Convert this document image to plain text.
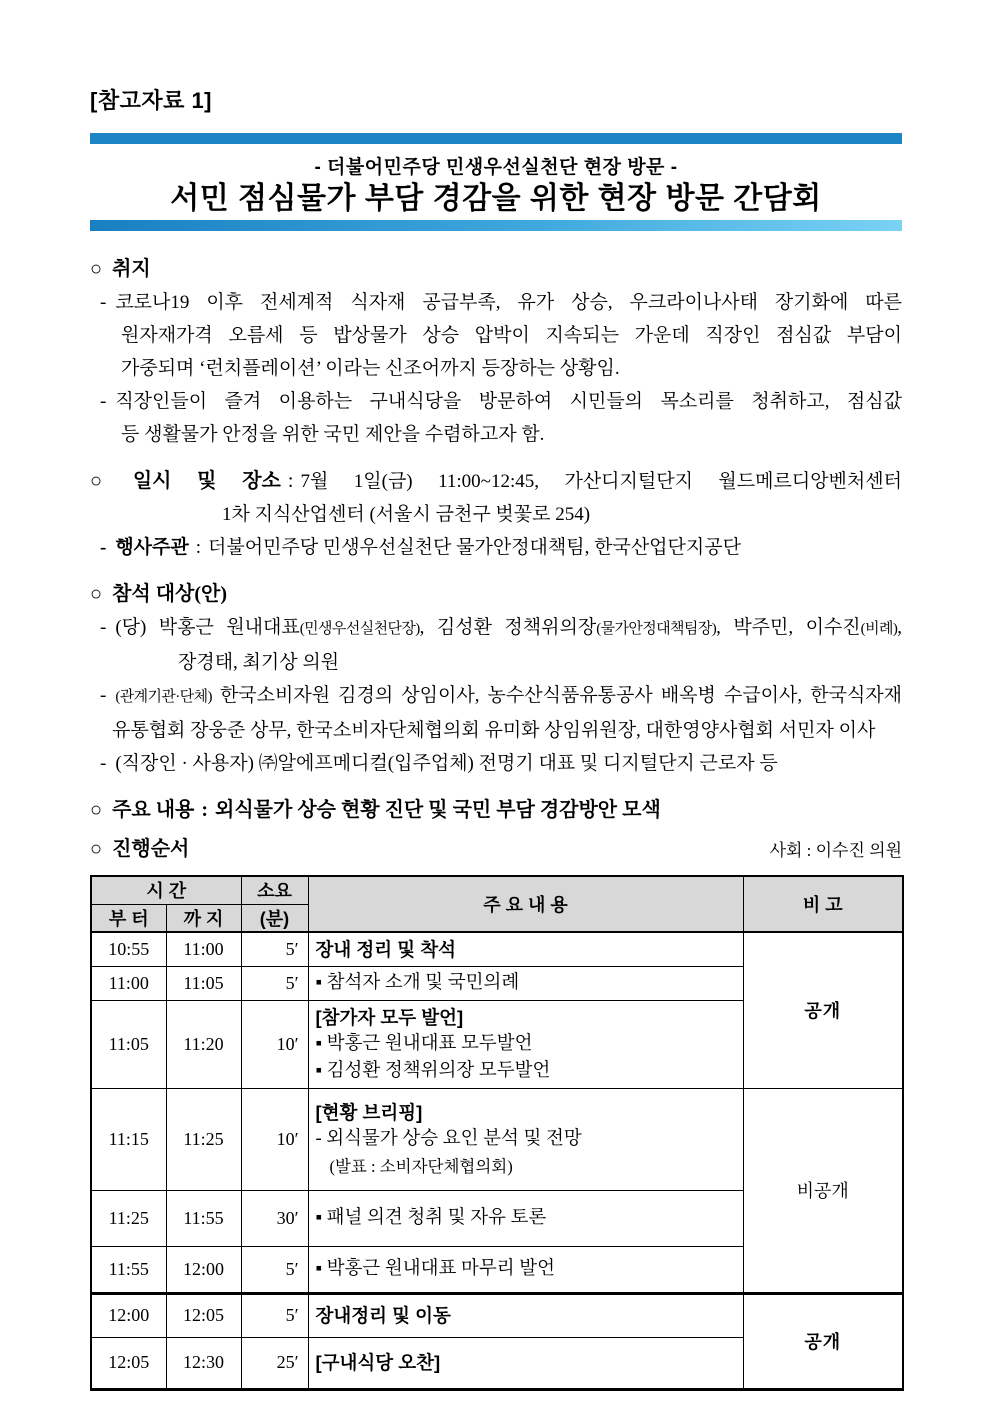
[참고자료 1]
- 더불어민주당 민생우선실천단 현장 방문 -
서민 점심물가 부담 경감을 위한 현장 방문 간담회
○ 취지
- 코로나19 이후 전세계적 식자재 공급부족, 유가 상승, 우크라이나사태 장기화에 따른
원자재가격 오름세 등 밥상물가 상승 압박이 지속되는 가운데 직장인 점심값 부담이
가중되며 ‘런치플레이션’ 이라는 신조어까지 등장하는 상황임.
- 직장인들이 즐겨 이용하는 구내식당을 방문하여 시민들의 목소리를 청취하고, 점심값
등 생활물가 안정을 위한 국민 제안을 수렴하고자 함.
○ 일시 및 장소 : 7월 1일(금) 11:00~12:45, 가산디지털단지 월드메르디앙벤처센터
1차 지식산업센터 (서울시 금천구 벚꽃로 254)
- 행사주관 : 더불어민주당 민생우선실천단 물가안정대책팀, 한국산업단지공단
○ 참석 대상(안)
- (당) 박홍근 원내대표(민생우선실천단장), 김성환 정책위의장(물가안정대책팀장), 박주민, 이수진(비례),
장경태, 최기상 의원
- (관계기관·단체) 한국소비자원 김경의 상임이사, 농수산식품유통공사 배옥병 수급이사, 한국식자재
유통협회 장웅준 상무, 한국소비자단체협의회 유미화 상임위원장, 대한영양사협회 서민자 이사
- (직장인 · 사용자) ㈜알에프메디컬(입주업체) 전명기 대표 및 디지털단지 근로자 등
○ 주요 내용 : 외식물가 상승 현황 진단 및 국민 부담 경감방안 모색
○ 진행순서	사회 : 이수진 의원
시 간		소요	주 요 내 용	비 고
부 터	까 지	(분)		
10:55	11:00	5′	장내 정리 및 착석	공개
11:00	11:05	5′	▪ 참석자 소개 및 국민의례	

11:05	11:20	10′	[참가자 모두 발언]
▪ 박홍근 원내대표 모두발언
▪ 김성환 정책위의장 모두발언	

11:15	11:25	10′	[현황 브리핑]
- 외식물가 상승 요인 분석 및 전망
(발표 : 소비자단체협의회)	비공개
11:25	11:55	30′	▪ 패널 의견 청취 및 자유 토론	

11:55	12:00	5′	▪ 박홍근 원내대표 마무리 발언	

12:00	12:05	5′	장내정리 및 이동	공개
12:05	12:30	25′	[구내식당 오찬]	
